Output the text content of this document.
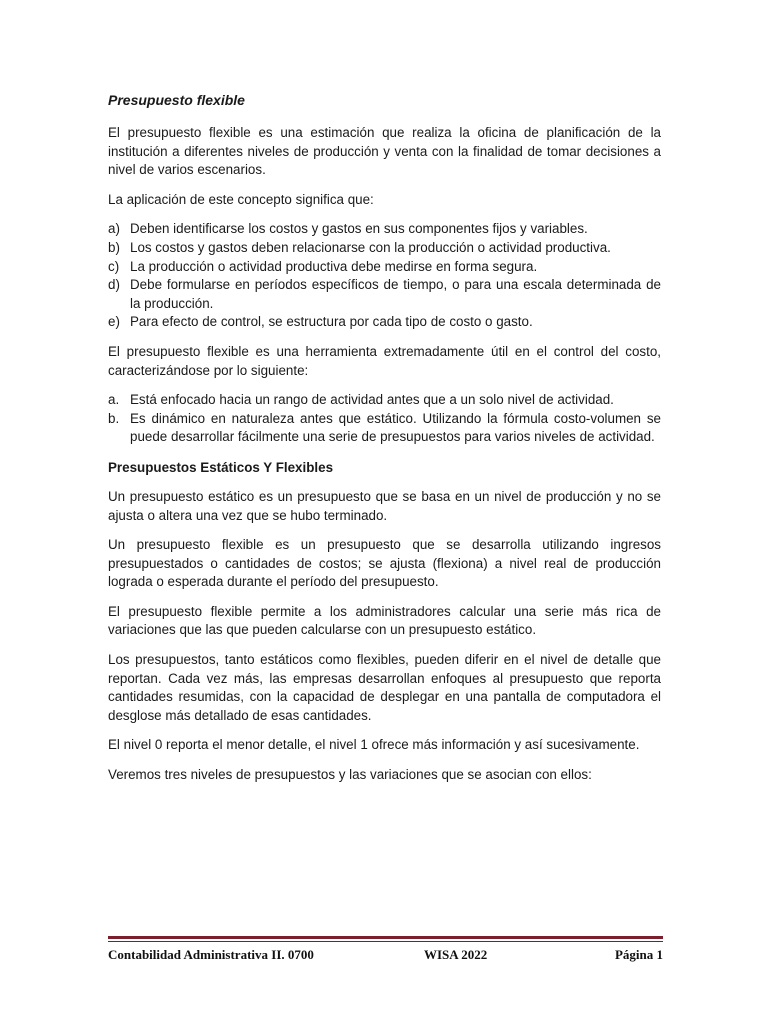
Presupuesto flexible

El presupuesto flexible es una estimación que realiza la oficina de planificación de la institución a diferentes niveles de producción y venta con la finalidad de tomar decisiones a nivel de varios escenarios.

La aplicación de este concepto significa que:

a) Deben identificarse los costos y gastos en sus componentes fijos y variables.
b) Los costos y gastos deben relacionarse con la producción o actividad productiva.
c) La producción o actividad productiva debe medirse en forma segura.
d) Debe formularse en períodos específicos de tiempo, o para una escala determinada de la producción.
e) Para efecto de control, se estructura por cada tipo de costo o gasto.

El presupuesto flexible es una herramienta extremadamente útil en el control del costo, caracterizándose por lo siguiente:

a. Está enfocado hacia un rango de actividad antes que a un solo nivel de actividad.
b. Es dinámico en naturaleza antes que estático. Utilizando la fórmula costo-volumen se puede desarrollar fácilmente una serie de presupuestos para varios niveles de actividad.
Presupuestos Estáticos Y Flexibles

Un presupuesto estático es un presupuesto que se basa en un nivel de producción y no se ajusta o altera una vez que se hubo terminado.

Un presupuesto flexible es un presupuesto que se desarrolla utilizando ingresos presupuestados o cantidades de costos; se ajusta (flexiona) a nivel real de producción lograda o esperada durante el período del presupuesto.

El presupuesto flexible permite a los administradores calcular una serie más rica de variaciones que las que pueden calcularse con un presupuesto estático.

Los presupuestos, tanto estáticos como flexibles, pueden diferir en el nivel de detalle que reportan. Cada vez más, las empresas desarrollan enfoques al presupuesto que reporta cantidades resumidas, con la capacidad de desplegar en una pantalla de computadora el desglose más detallado de esas cantidades.

El nivel 0 reporta el menor detalle, el nivel 1 ofrece más información y así sucesivamente.

Veremos tres niveles de presupuestos y las variaciones que se asocian con ellos:

Contabilidad Administrativa II. 0700	WISA 2022	Página 1
